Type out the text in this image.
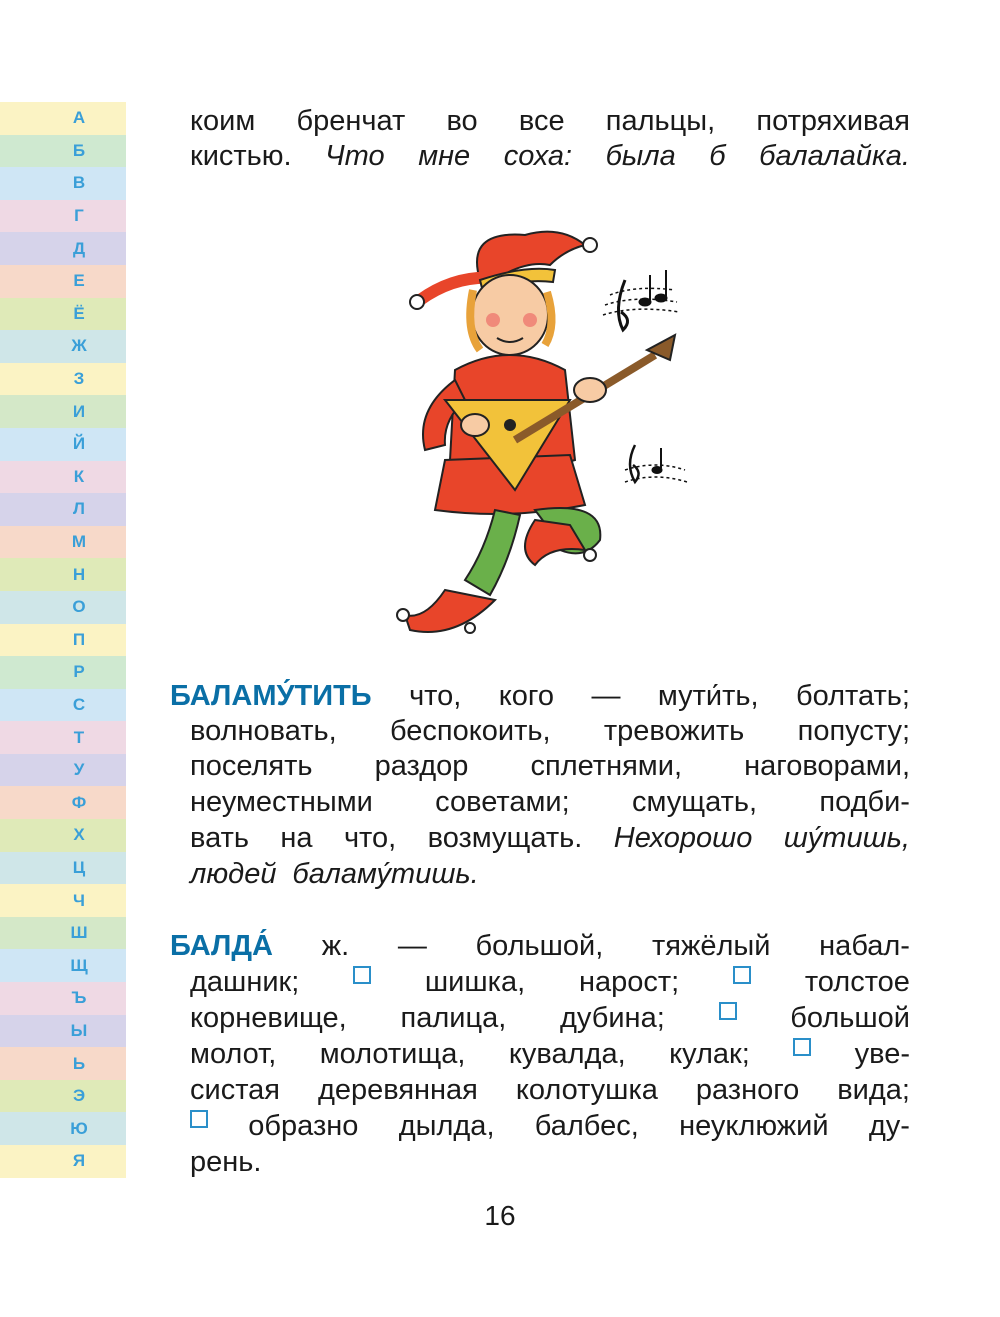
А
Б
В
Г
Д
Е
Ё
Ж
З
И
Й
К
Л
М
Н
О
П
Р
С
Т
У
Ф
Х
Ц
Ч
Ш
Щ
Ъ
Ы
Ь
Э
Ю
Я
коим бренчат во все пальцы, потряхивая
кистью. Что мне соха: была б балалайка.
БАЛАМУ́ТИТЬ что, кого — мути́ть, болтать;
волновать, беспокоить, тревожить попусту;
поселять раздор сплетнями, наговорами,
неуместными советами; смущать, подби-
вать на что, возмущать. Нехорошо шу́тишь,
людей баламу́тишь.
БАЛДА́ ж. — большой, тяжёлый набал-
дашник;	шишка, нарост;	толстое
корневище, палица, дубина;	большой
молот, молотища, кувалда, кулак;	уве-
систая деревянная колотушка разного вида;
образно дылда, балбес, неуклюжий ду-
рень.
16
